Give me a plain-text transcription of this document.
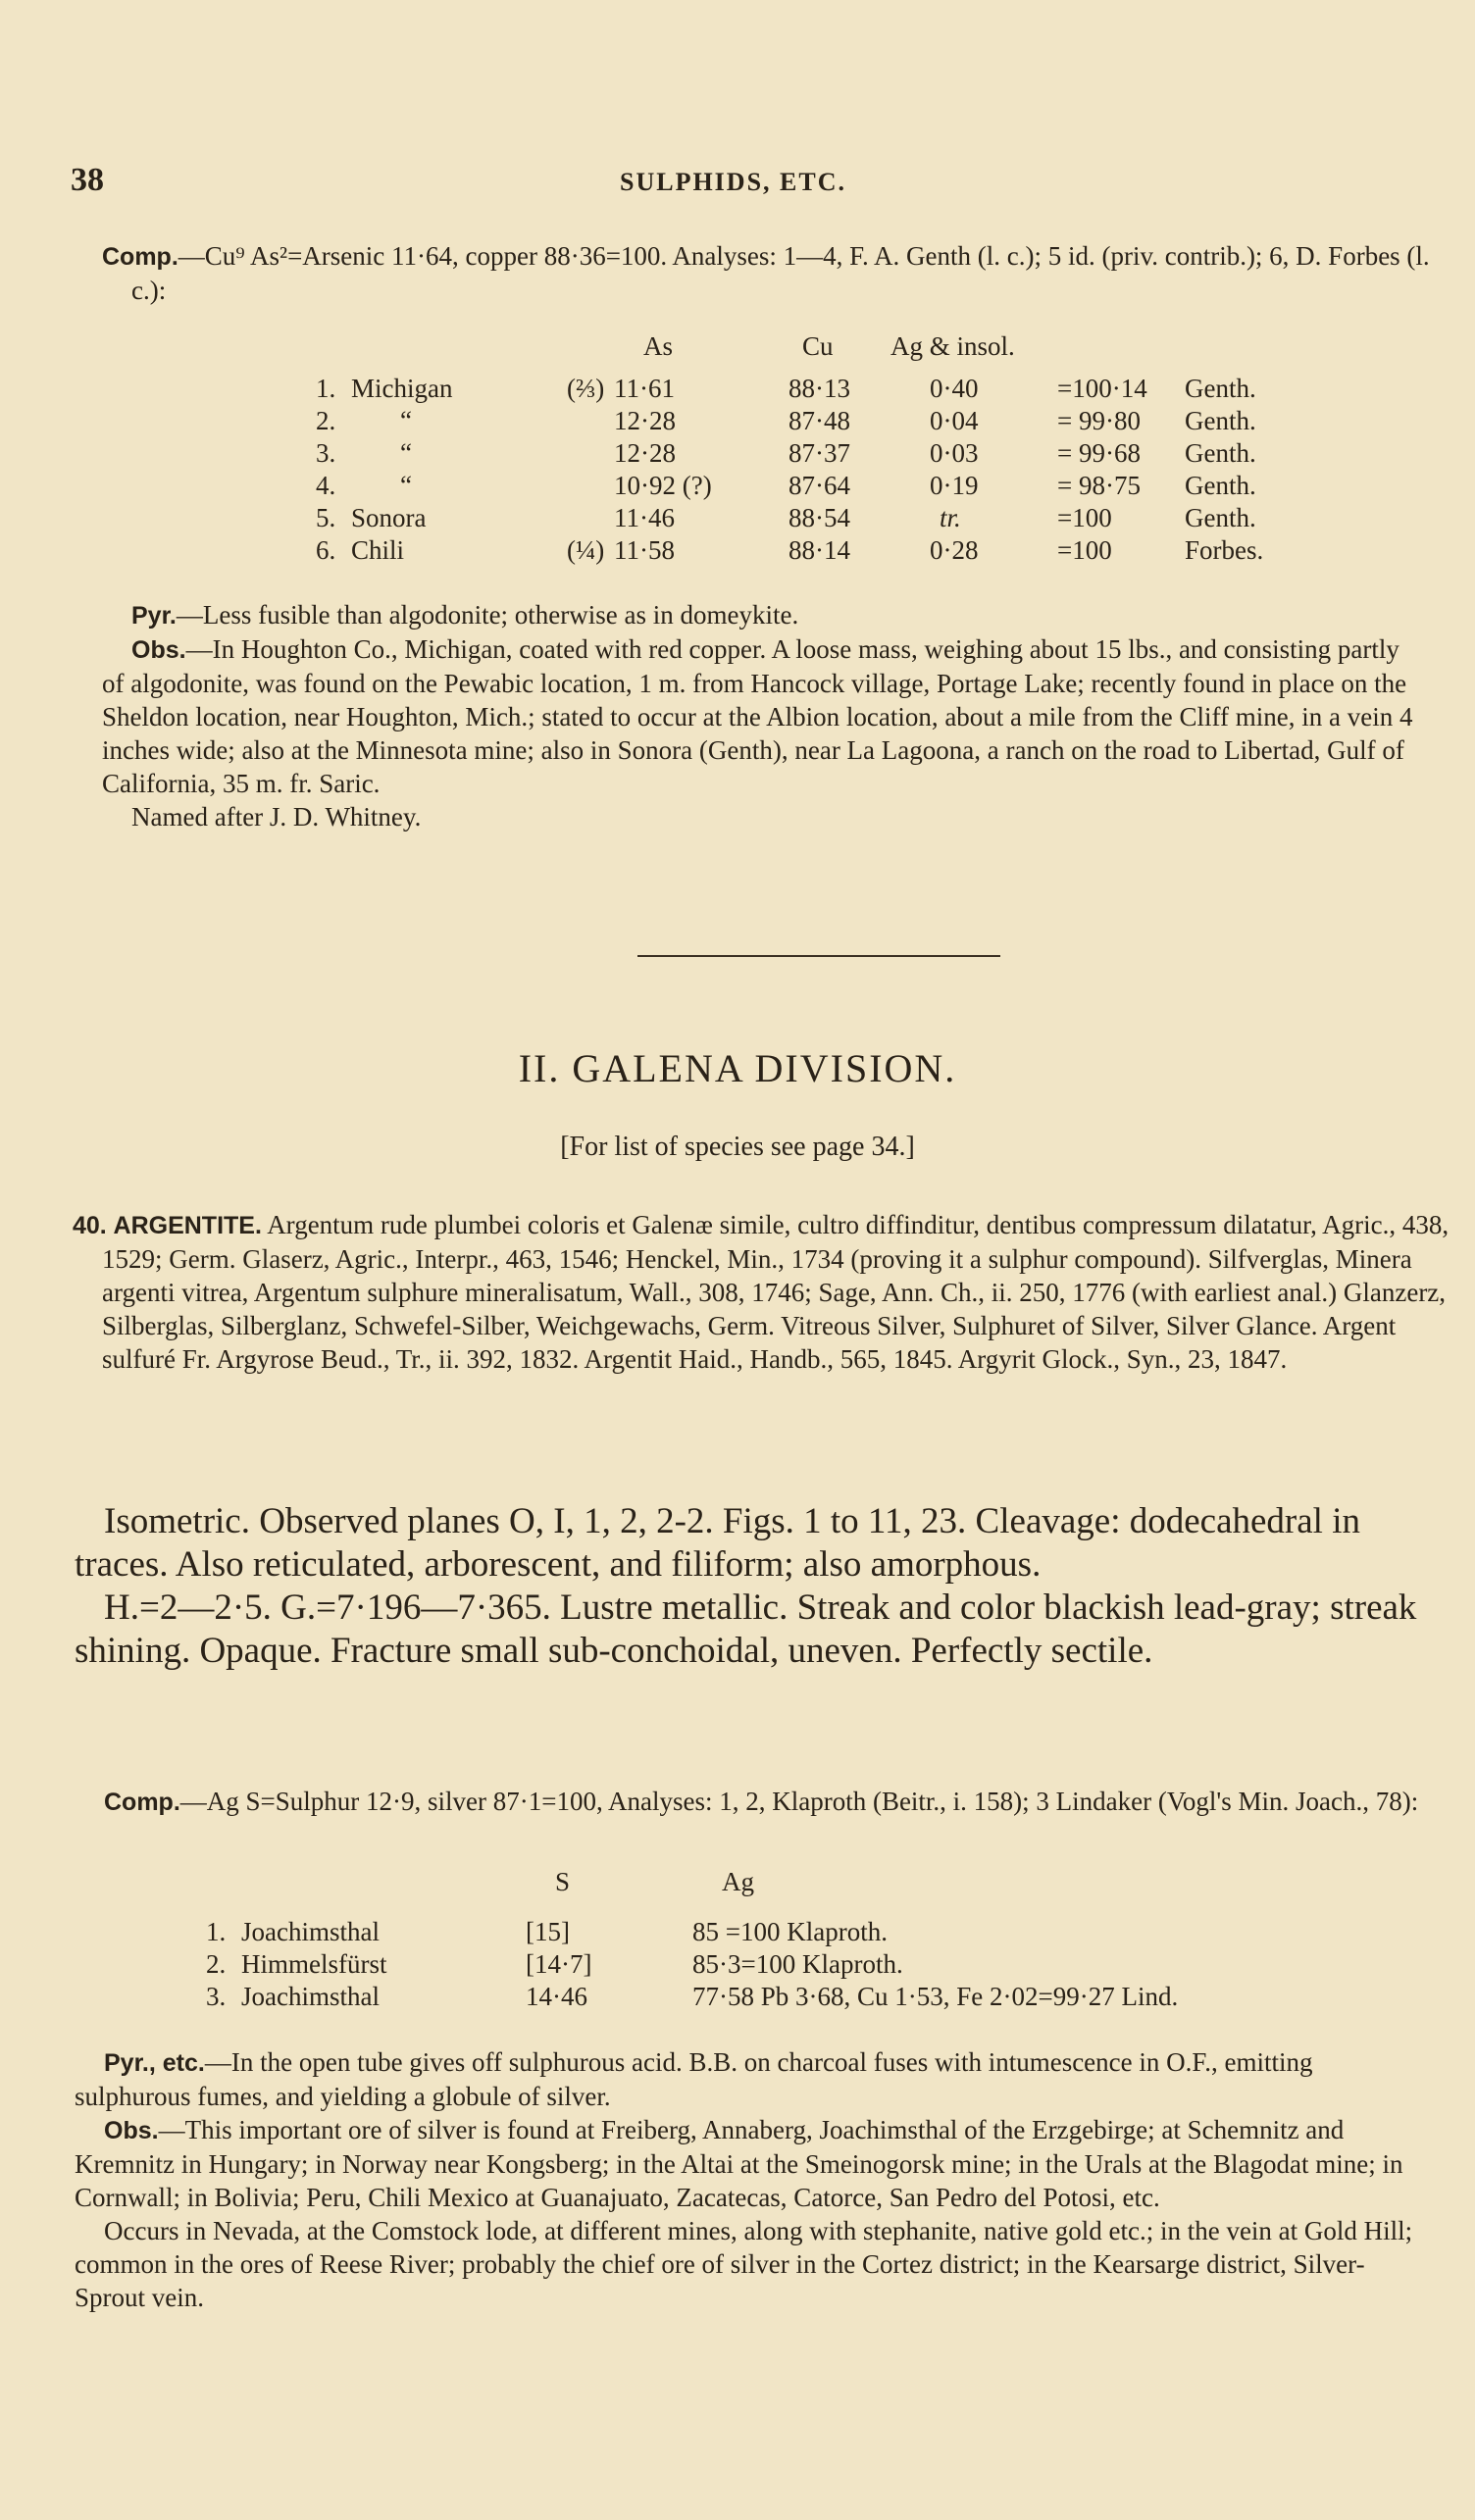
38	SULPHIDS, ETC.
Comp.—Cu⁹ As²=Arsenic 11·64, copper 88·36=100. Analyses: 1—4, F. A. Genth (l. c.); 5 id. (priv. contrib.); 6, D. Forbes (l. c.):
			As	Cu	Ag & insol.		

1.	Michigan	(⅔)	11·61	88·13	0·40	=100·14	Genth.
2.	“		12·28	87·48	0·04	= 99·80	Genth.
3.	“		12·28	87·37	0·03	= 99·68	Genth.
4.	“		10·92 (?)	87·64	0·19	= 98·75	Genth.
5.	Sonora		11·46	88·54	tr.	=100	Genth.
6.	Chili	(¼)	11·58	88·14	0·28	=100	Forbes.
Pyr.—Less fusible than algodonite; otherwise as in domeykite.
Obs.—In Houghton Co., Michigan, coated with red copper. A loose mass, weighing about 15 lbs., and consisting partly of algodonite, was found on the Pewabic location, 1 m. from Hancock village, Portage Lake; recently found in place on the Sheldon location, near Houghton, Mich.; stated to occur at the Albion location, about a mile from the Cliff mine, in a vein 4 inches wide; also at the Minnesota mine; also in Sonora (Genth), near La Lagoona, a ranch on the road to Libertad, Gulf of California, 35 m. fr. Saric.
Named after J. D. Whitney.
II. GALENA DIVISION.
[For list of species see page 34.]
40. ARGENTITE. Argentum rude plumbei coloris et Galenæ simile, cultro diffinditur, dentibus compressum dilatatur, Agric., 438, 1529; Germ. Glaserz, Agric., Interpr., 463, 1546; Henckel, Min., 1734 (proving it a sulphur compound). Silfverglas, Minera argenti vitrea, Argentum sulphure mineralisatum, Wall., 308, 1746; Sage, Ann. Ch., ii. 250, 1776 (with earliest anal.) Glanzerz, Silberglas, Silberglanz, Schwefel-Silber, Weichgewachs, Germ. Vitreous Silver, Sulphuret of Silver, Silver Glance. Argent sulfuré Fr. Argyrose Beud., Tr., ii. 392, 1832. Argentit Haid., Handb., 565, 1845. Argyrit Glock., Syn., 23, 1847.
Isometric. Observed planes O, I, 1, 2, 2-2. Figs. 1 to 11, 23. Cleavage: dodecahedral in traces. Also reticulated, arborescent, and filiform; also amorphous.
H.=2—2·5. G.=7·196—7·365. Lustre metallic. Streak and color blackish lead-gray; streak shining. Opaque. Fracture small sub-conchoidal, uneven. Perfectly sectile.
Comp.—Ag S=Sulphur 12·9, silver 87·1=100, Analyses: 1, 2, Klaproth (Beitr., i. 158); 3 Lindaker (Vogl's Min. Joach., 78):
		S	Ag

1.	Joachimsthal	[15]	85 =100 Klaproth.
2.	Himmelsfürst	[14·7]	85·3=100 Klaproth.
3.	Joachimsthal	14·46	77·58 Pb 3·68, Cu 1·53, Fe 2·02=99·27 Lind.
Pyr., etc.—In the open tube gives off sulphurous acid. B.B. on charcoal fuses with intumescence in O.F., emitting sulphurous fumes, and yielding a globule of silver.
Obs.—This important ore of silver is found at Freiberg, Annaberg, Joachimsthal of the Erzgebirge; at Schemnitz and Kremnitz in Hungary; in Norway near Kongsberg; in the Altai at the Smeinogorsk mine; in the Urals at the Blagodat mine; in Cornwall; in Bolivia; Peru, Chili Mexico at Guanajuato, Zacatecas, Catorce, San Pedro del Potosi, etc.
Occurs in Nevada, at the Comstock lode, at different mines, along with stephanite, native gold etc.; in the vein at Gold Hill; common in the ores of Reese River; probably the chief ore of silver in the Cortez district; in the Kearsarge district, Silver-Sprout vein.
